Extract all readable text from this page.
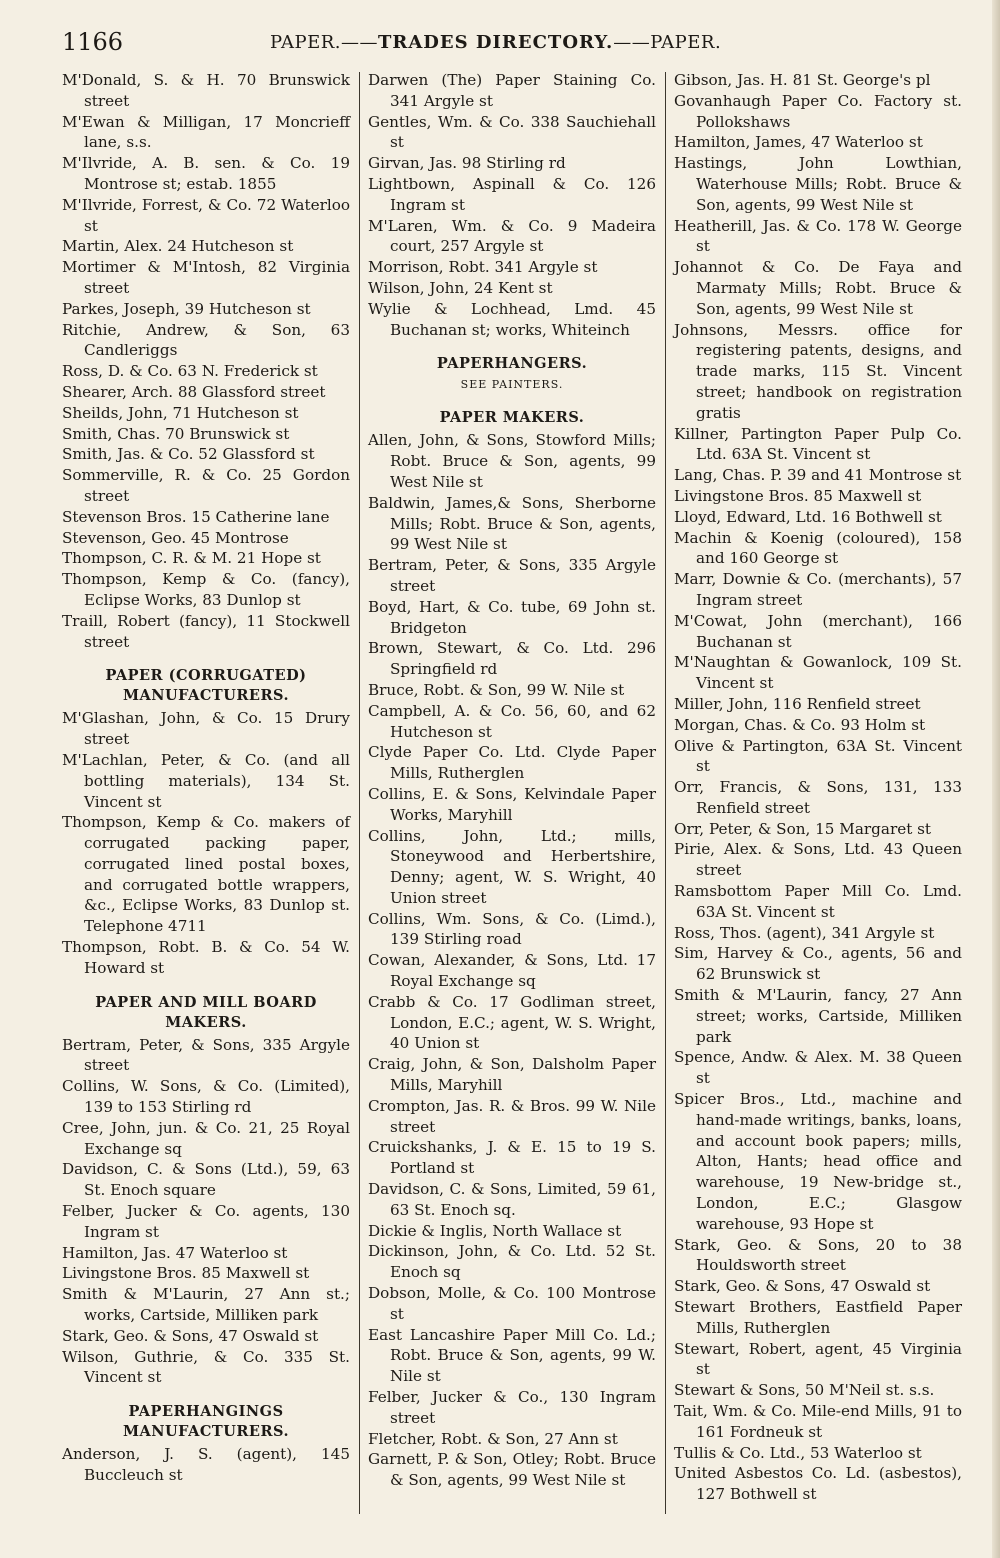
1166	PAPER.——TRADES DIRECTORY.——PAPER.

M'Donald, S. & H. 70 Brunswick street

M'Ewan & Milligan, 17 Moncrieff lane, s.s.

M'Ilvride, A. B. sen. & Co. 19 Montrose st; estab. 1855

M'Ilvride, Forrest, & Co. 72 Waterloo st

Martin, Alex. 24 Hutcheson st

Mortimer & M'Intosh, 82 Virginia street

Parkes, Joseph, 39 Hutcheson st

Ritchie, Andrew, & Son, 63 Candleriggs

Ross, D. & Co. 63 N. Frederick st

Shearer, Arch. 88 Glassford street

Sheilds, John, 71 Hutcheson st

Smith, Chas. 70 Brunswick st

Smith, Jas. & Co. 52 Glassford st

Sommerville, R. & Co. 25 Gordon street

Stevenson Bros. 15 Catherine lane

Stevenson, Geo. 45 Montrose

Thompson, C. R. & M. 21 Hope st

Thompson, Kemp & Co. (fancy), Eclipse Works, 83 Dunlop st

Traill, Robert (fancy), 11 Stockwell street

PAPER (CORRUGATED) MANUFACTURERS.

M'Glashan, John, & Co. 15 Drury street

M'Lachlan, Peter, & Co. (and all bottling materials), 134 St. Vincent st

Thompson, Kemp & Co. makers of corrugated packing paper, corrugated lined postal boxes, and corrugated bottle wrappers, &c., Eclipse Works, 83 Dunlop st. Telephone 4711

Thompson, Robt. B. & Co. 54 W. Howard st

PAPER AND MILL BOARD MAKERS.

Bertram, Peter, & Sons, 335 Argyle street

Collins, W. Sons, & Co. (Limited), 139 to 153 Stirling rd

Cree, John, jun. & Co. 21, 25 Royal Exchange sq

Davidson, C. & Sons (Ltd.), 59, 63 St. Enoch square

Felber, Jucker & Co. agents, 130 Ingram st

Hamilton, Jas. 47 Waterloo st

Livingstone Bros. 85 Maxwell st

Smith & M'Laurin, 27 Ann st.; works, Cartside, Milliken park

Stark, Geo. & Sons, 47 Oswald st

Wilson, Guthrie, & Co. 335 St. Vincent st

PAPERHANGINGS MANUFACTURERS.

Anderson, J. S. (agent), 145 Buccleuch st

Darwen (The) Paper Staining Co. 341 Argyle st

Gentles, Wm. & Co. 338 Sauchiehall st

Girvan, Jas. 98 Stirling rd

Lightbown, Aspinall & Co. 126 Ingram st

M'Laren, Wm. & Co. 9 Madeira court, 257 Argyle st

Morrison, Robt. 341 Argyle st

Wilson, John, 24 Kent st

Wylie & Lochhead, Lmd. 45 Buchanan st; works, Whiteinch

PAPERHANGERS.

SEE PAINTERS.

PAPER MAKERS.

Allen, John, & Sons, Stowford Mills; Robt. Bruce & Son, agents, 99 West Nile st

Baldwin, James,& Sons, Sherborne Mills; Robt. Bruce & Son, agents, 99 West Nile st

Bertram, Peter, & Sons, 335 Argyle street

Boyd, Hart, & Co. tube, 69 John st. Bridgeton

Brown, Stewart, & Co. Ltd. 296 Springfield rd

Bruce, Robt. & Son, 99 W. Nile st

Campbell, A. & Co. 56, 60, and 62 Hutcheson st

Clyde Paper Co. Ltd. Clyde Paper Mills, Rutherglen

Collins, E. & Sons, Kelvindale Paper Works, Maryhill

Collins, John, Ltd.; mills, Stoneywood and Herbertshire, Denny; agent, W. S. Wright, 40 Union street

Collins, Wm. Sons, & Co. (Limd.), 139 Stirling road

Cowan, Alexander, & Sons, Ltd. 17 Royal Exchange sq

Crabb & Co. 17 Godliman street, London, E.C.; agent, W. S. Wright, 40 Union st

Craig, John, & Son, Dalsholm Paper Mills, Maryhill

Crompton, Jas. R. & Bros. 99 W. Nile street

Cruickshanks, J. & E. 15 to 19 S. Portland st

Davidson, C. & Sons, Limited, 59 61, 63 St. Enoch sq.

Dickie & Inglis, North Wallace st

Dickinson, John, & Co. Ltd. 52 St. Enoch sq

Dobson, Molle, & Co. 100 Montrose st

East Lancashire Paper Mill Co. Ld.; Robt. Bruce & Son, agents, 99 W. Nile st

Felber, Jucker & Co., 130 Ingram street

Fletcher, Robt. & Son, 27 Ann st

Garnett, P. & Son, Otley; Robt. Bruce & Son, agents, 99 West Nile st

Gibson, Jas. H. 81 St. George's pl

Govanhaugh Paper Co. Factory st. Pollokshaws

Hamilton, James, 47 Waterloo st

Hastings, John Lowthian, Waterhouse Mills; Robt. Bruce & Son, agents, 99 West Nile st

Heatherill, Jas. & Co. 178 W. George st

Johannot & Co. De Faya and Marmaty Mills; Robt. Bruce & Son, agents, 99 West Nile st

Johnsons, Messrs. office for registering patents, designs, and trade marks, 115 St. Vincent street; handbook on registration gratis

Killner, Partington Paper Pulp Co. Ltd. 63A St. Vincent st

Lang, Chas. P. 39 and 41 Montrose st

Livingstone Bros. 85 Maxwell st

Lloyd, Edward, Ltd. 16 Bothwell st

Machin & Koenig (coloured), 158 and 160 George st

Marr, Downie & Co. (merchants), 57 Ingram street

M'Cowat, John (merchant), 166 Buchanan st

M'Naughtan & Gowanlock, 109 St. Vincent st

Miller, John, 116 Renfield street

Morgan, Chas. & Co. 93 Holm st

Olive & Partington, 63A St. Vincent st

Orr, Francis, & Sons, 131, 133 Renfield street

Orr, Peter, & Son, 15 Margaret st

Pirie, Alex. & Sons, Ltd. 43 Queen street

Ramsbottom Paper Mill Co. Lmd. 63A St. Vincent st

Ross, Thos. (agent), 341 Argyle st

Sim, Harvey & Co., agents, 56 and 62 Brunswick st

Smith & M'Laurin, fancy, 27 Ann street; works, Cartside, Milliken park

Spence, Andw. & Alex. M. 38 Queen st

Spicer Bros., Ltd., machine and hand-made writings, banks, loans, and account book papers; mills, Alton, Hants; head office and warehouse, 19 New-bridge st., London, E.C.; Glasgow warehouse, 93 Hope st

Stark, Geo. & Sons, 20 to 38 Houldsworth street

Stark, Geo. & Sons, 47 Oswald st

Stewart Brothers, Eastfield Paper Mills, Rutherglen

Stewart, Robert, agent, 45 Virginia st

Stewart & Sons, 50 M'Neil st. s.s.

Tait, Wm. & Co. Mile-end Mills, 91 to 161 Fordneuk st

Tullis & Co. Ltd., 53 Waterloo st

United Asbestos Co. Ld. (asbestos), 127 Bothwell st
